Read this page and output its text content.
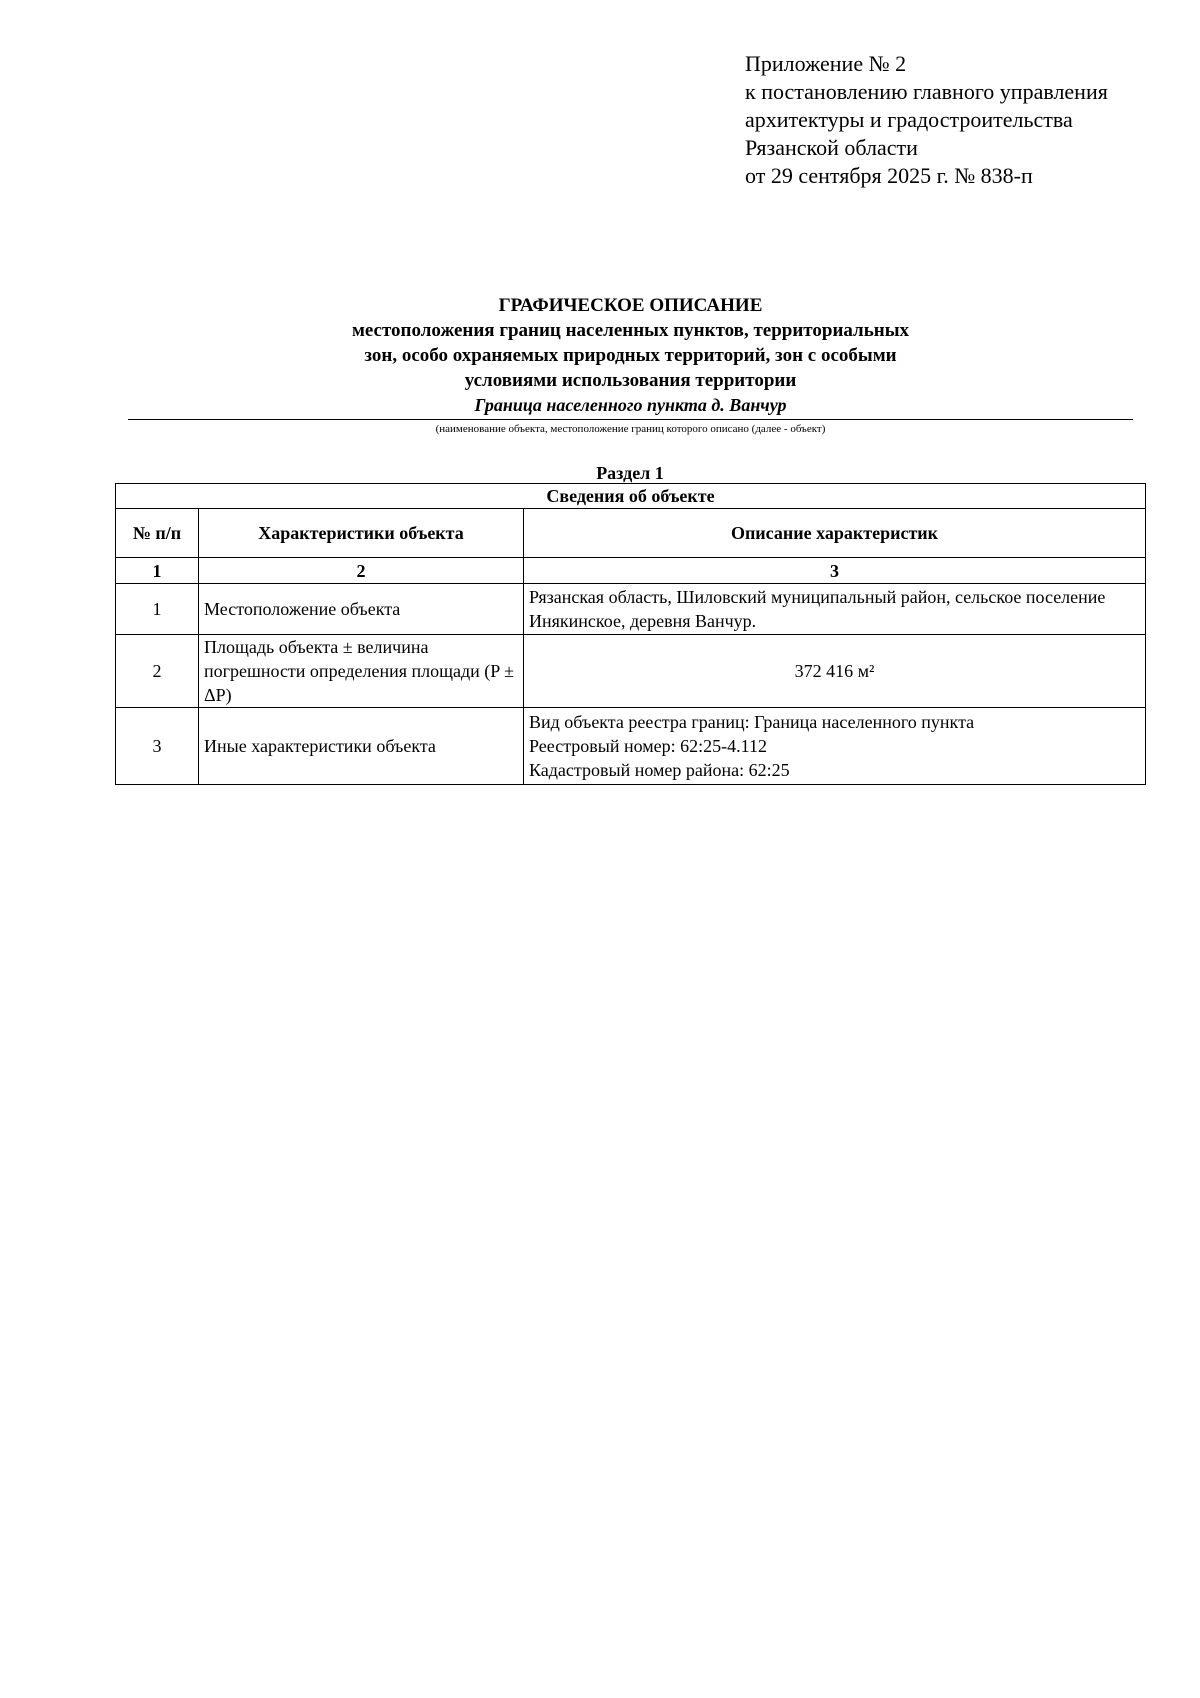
Приложение № 2
к постановлению главного управления
архитектуры и градостроительства
Рязанской области
от 29 сентября 2025 г. № 838-п
ГРАФИЧЕСКОЕ ОПИСАНИЕ
местоположения границ населенных пунктов, территориальных
зон, особо охраняемых природных территорий, зон с особыми
условиями использования территории
Граница населенного пункта д. Ванчур
(наименование объекта, местоположение границ которого описано (далее - объект)
Раздел 1
Сведения об объекте		
№ п/п	Характеристики объекта	Описание характеристик
1	2	3
1	Местоположение объекта	Рязанская область, Шиловский муниципальный район, сельское поселение Инякинское, деревня Ванчур.

2	Площадь объекта ± величина погрешности определения площади (P ± ΔP)	372 416 м²

3	Иные характеристики объекта	Вид объекта реестра границ: Граница населенного пункта
Реестровый номер: 62:25-4.112
Кадастровый номер района: 62:25
